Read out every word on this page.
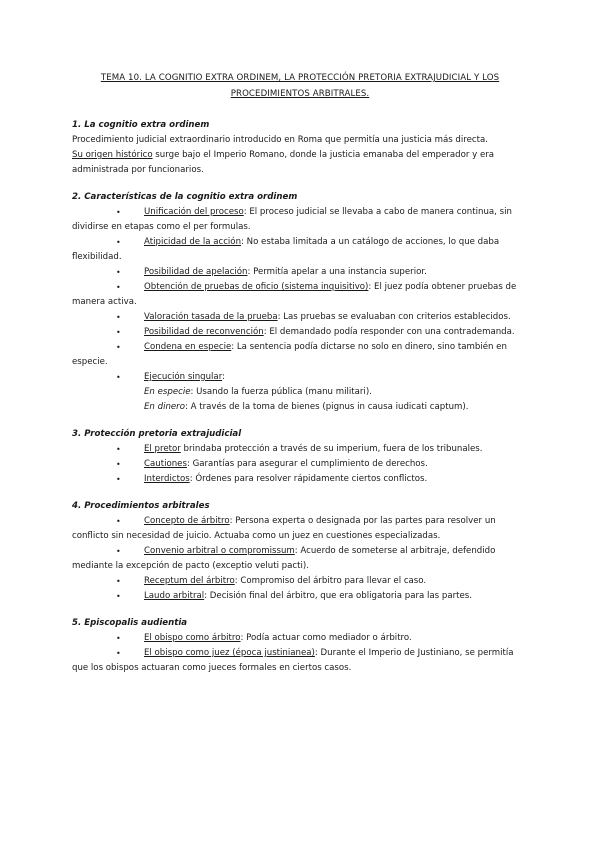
TEMA 10. LA COGNITIO EXTRA ORDINEM, LA PROTECCIÓN PRETORIA EXTRAJUDICIAL Y LOS
PROCEDIMIENTOS ARBITRALES.
1. La cognitio extra ordinem

Procedimiento judicial extraordinario introducido en Roma que permitía una justicia más directa.

Su origen histórico surge bajo el Imperio Romano, donde la justicia emanaba del emperador y era administrada por funcionarios.

2. Características de la cognitio extra ordinem
•	Unificación del proceso: El proceso judicial se llevaba a cabo de manera continua, sin dividirse en etapas como el per formulas.
•	Atipicidad de la acción: No estaba limitada a un catálogo de acciones, lo que daba flexibilidad.
•	Posibilidad de apelación: Permitía apelar a una instancia superior.
•	Obtención de pruebas de oficio (sistema inquisitivo): El juez podía obtener pruebas de manera activa.
•	Valoración tasada de la prueba: Las pruebas se evaluaban con criterios establecidos.
•	Posibilidad de reconvención: El demandado podía responder con una contrademanda.
•	Condena en especie: La sentencia podía dictarse no solo en dinero, sino también en especie.
•	Ejecución singular:

En especie: Usando la fuerza pública (manu militari).

En dinero: A través de la toma de bienes (pignus in causa iudicati captum).

3. Protección pretoria extrajudicial
•	El pretor brindaba protección a través de su imperium, fuera de los tribunales.
•	Cautiones: Garantías para asegurar el cumplimiento de derechos.
•	Interdictos: Órdenes para resolver rápidamente ciertos conflictos.
4. Procedimientos arbitrales
•	Concepto de árbitro: Persona experta o designada por las partes para resolver un conflicto sin necesidad de juicio. Actuaba como un juez en cuestiones especializadas.
•	Convenio arbitral o compromissum: Acuerdo de someterse al arbitraje, defendido mediante la excepción de pacto (exceptio veluti pacti).
•	Receptum del árbitro: Compromiso del árbitro para llevar el caso.
•	Laudo arbitral: Decisión final del árbitro, que era obligatoria para las partes.
5. Episcopalis audientia
•	El obispo como árbitro: Podía actuar como mediador o árbitro.
•	El obispo como juez (época justinianea): Durante el Imperio de Justiniano, se permitía que los obispos actuaran como jueces formales en ciertos casos.
